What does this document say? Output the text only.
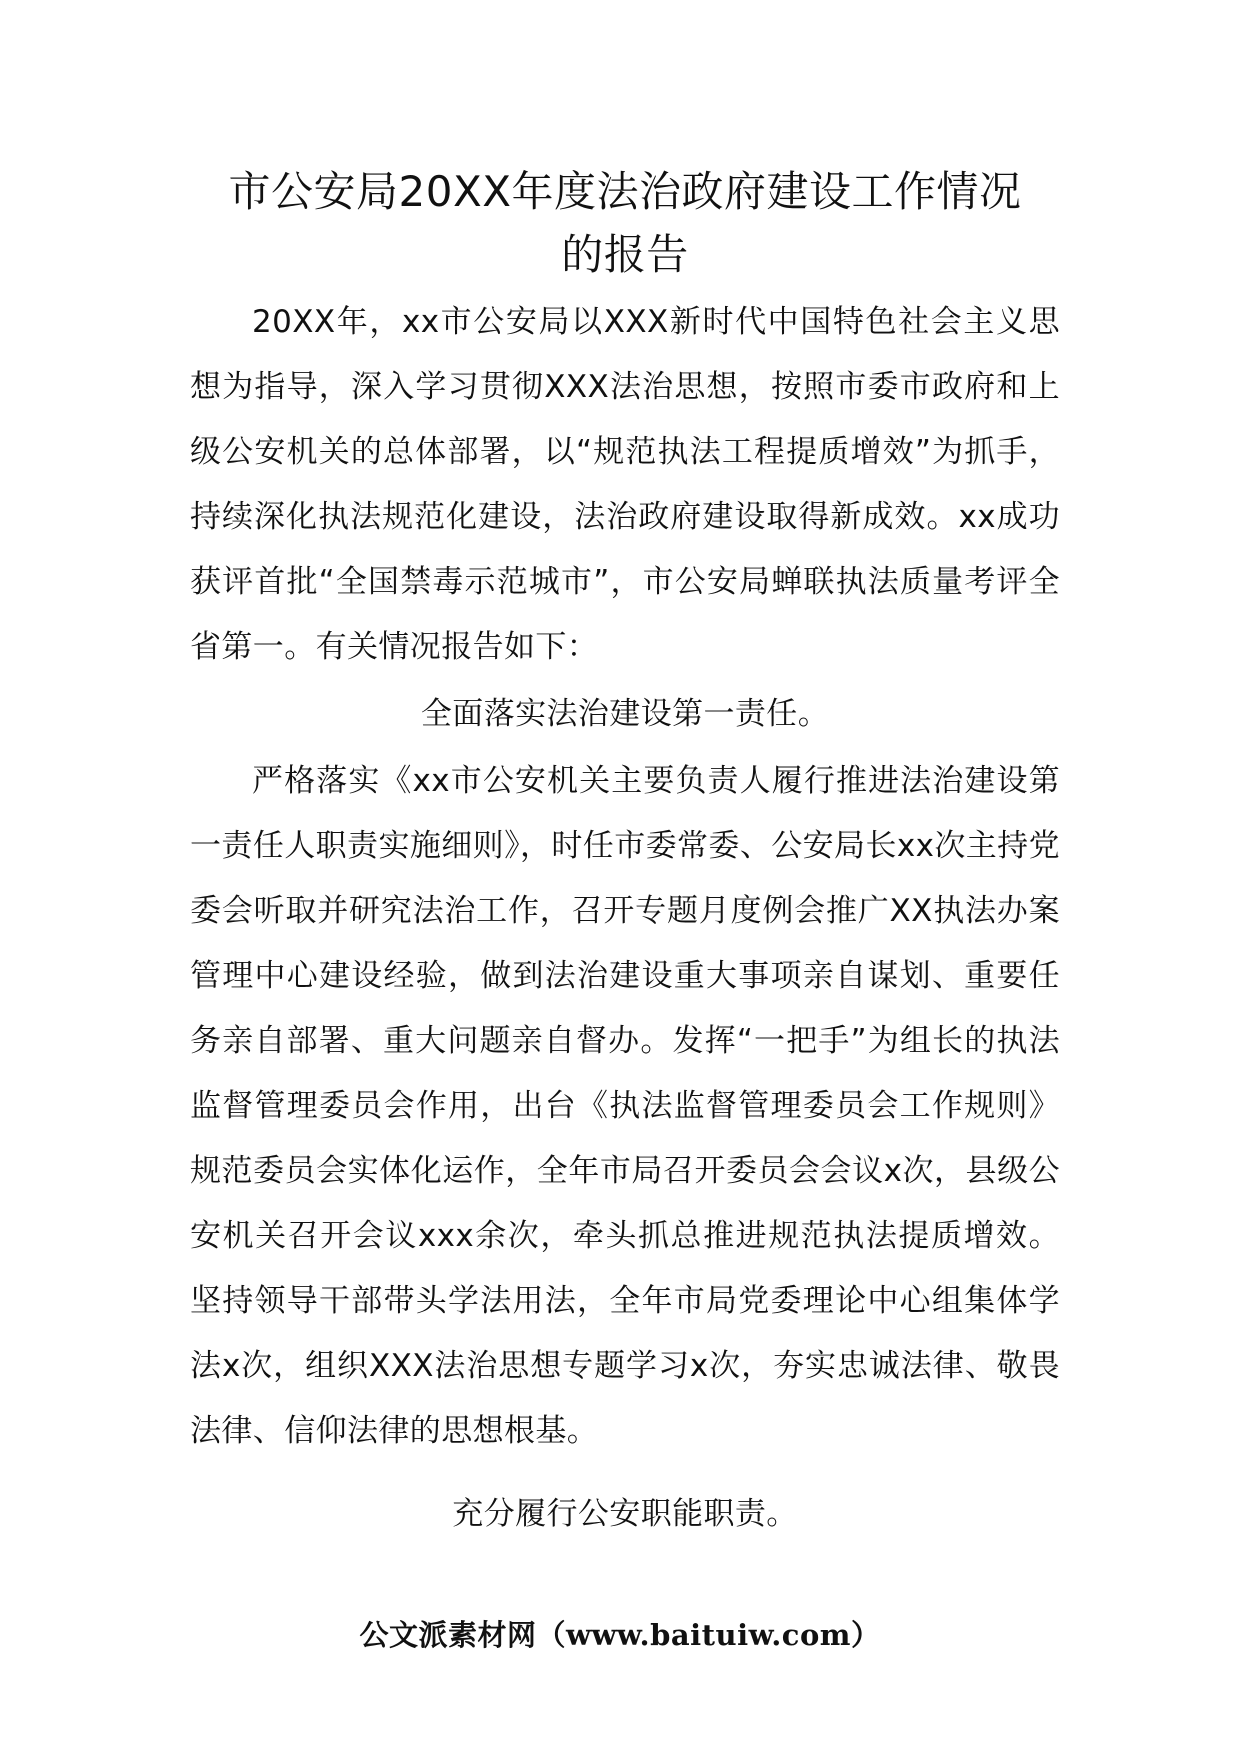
市公安局20XX年度法治政府建设工作情况
的报告

20XX年，xx市公安局以XXX新时代中国特色社会主义思想为指导，深入学习贯彻XXX法治思想，按照市委市政府和上级公安机关的总体部署，以“规范执法工程提质增效”为抓手，持续深化执法规范化建设，法治政府建设取得新成效。xx成功获评首批“全国禁毒示范城市”，市公安局蝉联执法质量考评全省第一。有关情况报告如下：

全面落实法治建设第一责任。

严格落实《xx市公安机关主要负责人履行推进法治建设第一责任人职责实施细则》，时任市委常委、公安局长xx次主持党委会听取并研究法治工作，召开专题月度例会推广XX执法办案管理中心建设经验，做到法治建设重大事项亲自谋划、重要任务亲自部署、重大问题亲自督办。发挥“一把手”为组长的执法监督管理委员会作用，出台《执法监督管理委员会工作规则》规范委员会实体化运作，全年市局召开委员会会议x次，县级公安机关召开会议xxx余次，牵头抓总推进规范执法提质增效。坚持领导干部带头学法用法，全年市局党委理论中心组集体学法x次，组织XXX法治思想专题学习x次，夯实忠诚法律、敬畏法律、信仰法律的思想根基。

充分履行公安职能职责。

公文派素材网（www.baituiw.com）
